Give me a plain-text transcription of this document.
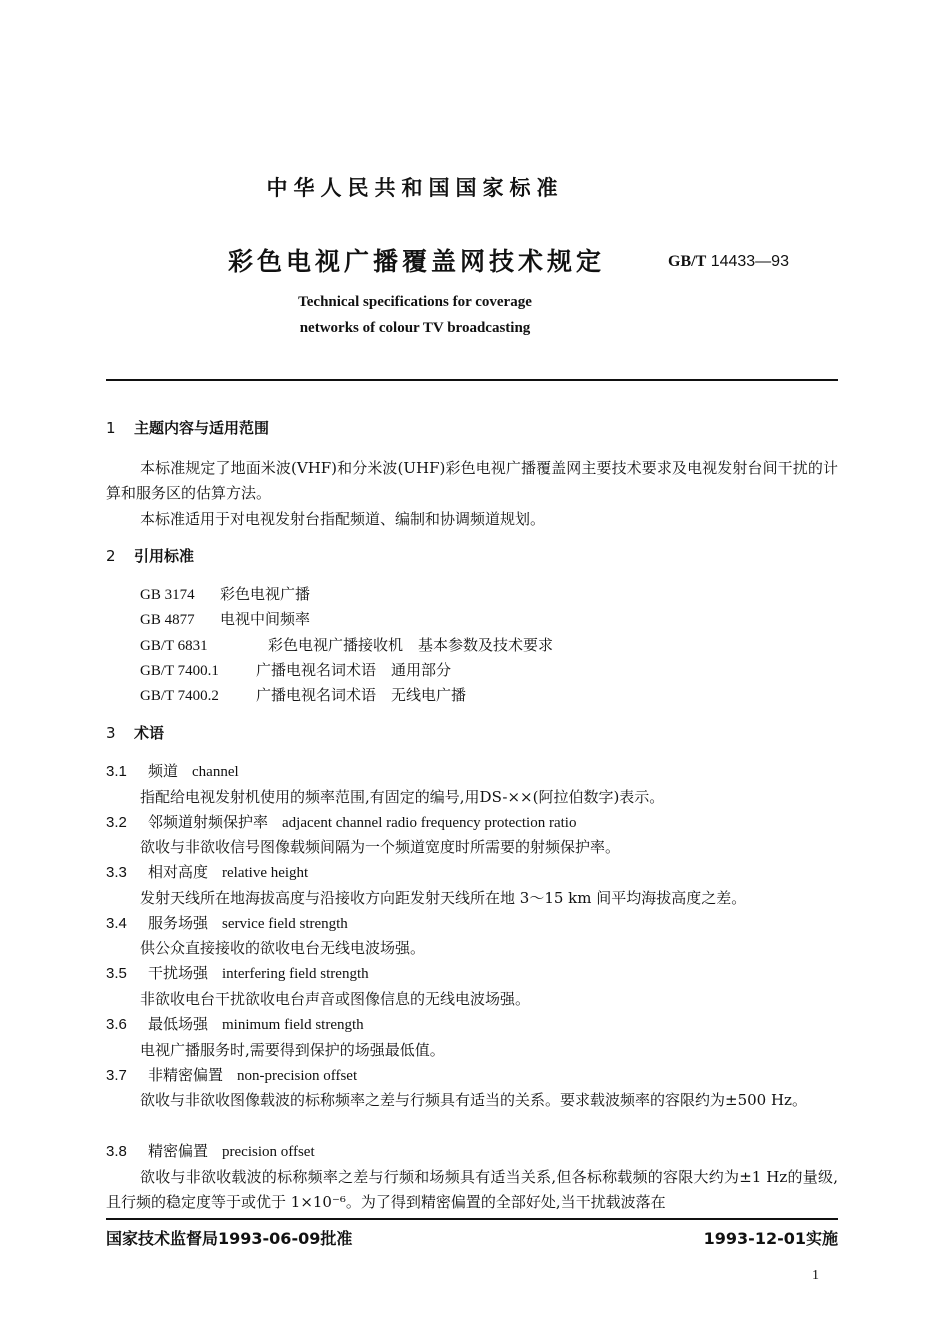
中华人民共和国国家标准
彩色电视广播覆盖网技术规定	GB/T 14433—93
Technical specifications for coverage
networks of colour TV broadcasting
1 主题内容与适用范围
本标准规定了地面米波(VHF)和分米波(UHF)彩色电视广播覆盖网主要技术要求及电视发射台间干扰的计算和服务区的估算方法。
本标准适用于对电视发射台指配频道、编制和协调频道规划。
2 引用标准
GB 3174 彩色电视广播
GB 4877 电视中间频率
GB/T 6831	彩色电视广播接收机　基本参数及技术要求
GB/T 7400.1 广播电视名词术语　通用部分
GB/T 7400.2 广播电视名词术语　无线电广播
3 术语
3.1 频道 channel
指配给电视发射机使用的频率范围,有固定的编号,用DS-××(阿拉伯数字)表示。
3.2 邻频道射频保护率 adjacent channel radio frequency protection ratio
欲收与非欲收信号图像载频间隔为一个频道宽度时所需要的射频保护率。
3.3 相对高度 relative height
发射天线所在地海拔高度与沿接收方向距发射天线所在地 3～15 km 间平均海拔高度之差。
3.4 服务场强 service field strength
供公众直接接收的欲收电台无线电波场强。
3.5 干扰场强 interfering field strength
非欲收电台干扰欲收电台声音或图像信息的无线电波场强。
3.6 最低场强 minimum field strength
电视广播服务时,需要得到保护的场强最低值。
3.7 非精密偏置 non-precision offset
欲收与非欲收图像载波的标称频率之差与行频具有适当的关系。要求载波频率的容限约为±500 Hz。
3.8 精密偏置 precision offset
欲收与非欲收载波的标称频率之差与行频和场频具有适当关系,但各标称载频的容限大约为±1 Hz的量级,且行频的稳定度等于或优于 1×10⁻⁶。为了得到精密偏置的全部好处,当干扰载波落在
国家技术监督局1993-06-09批准	1993-12-01实施
1
